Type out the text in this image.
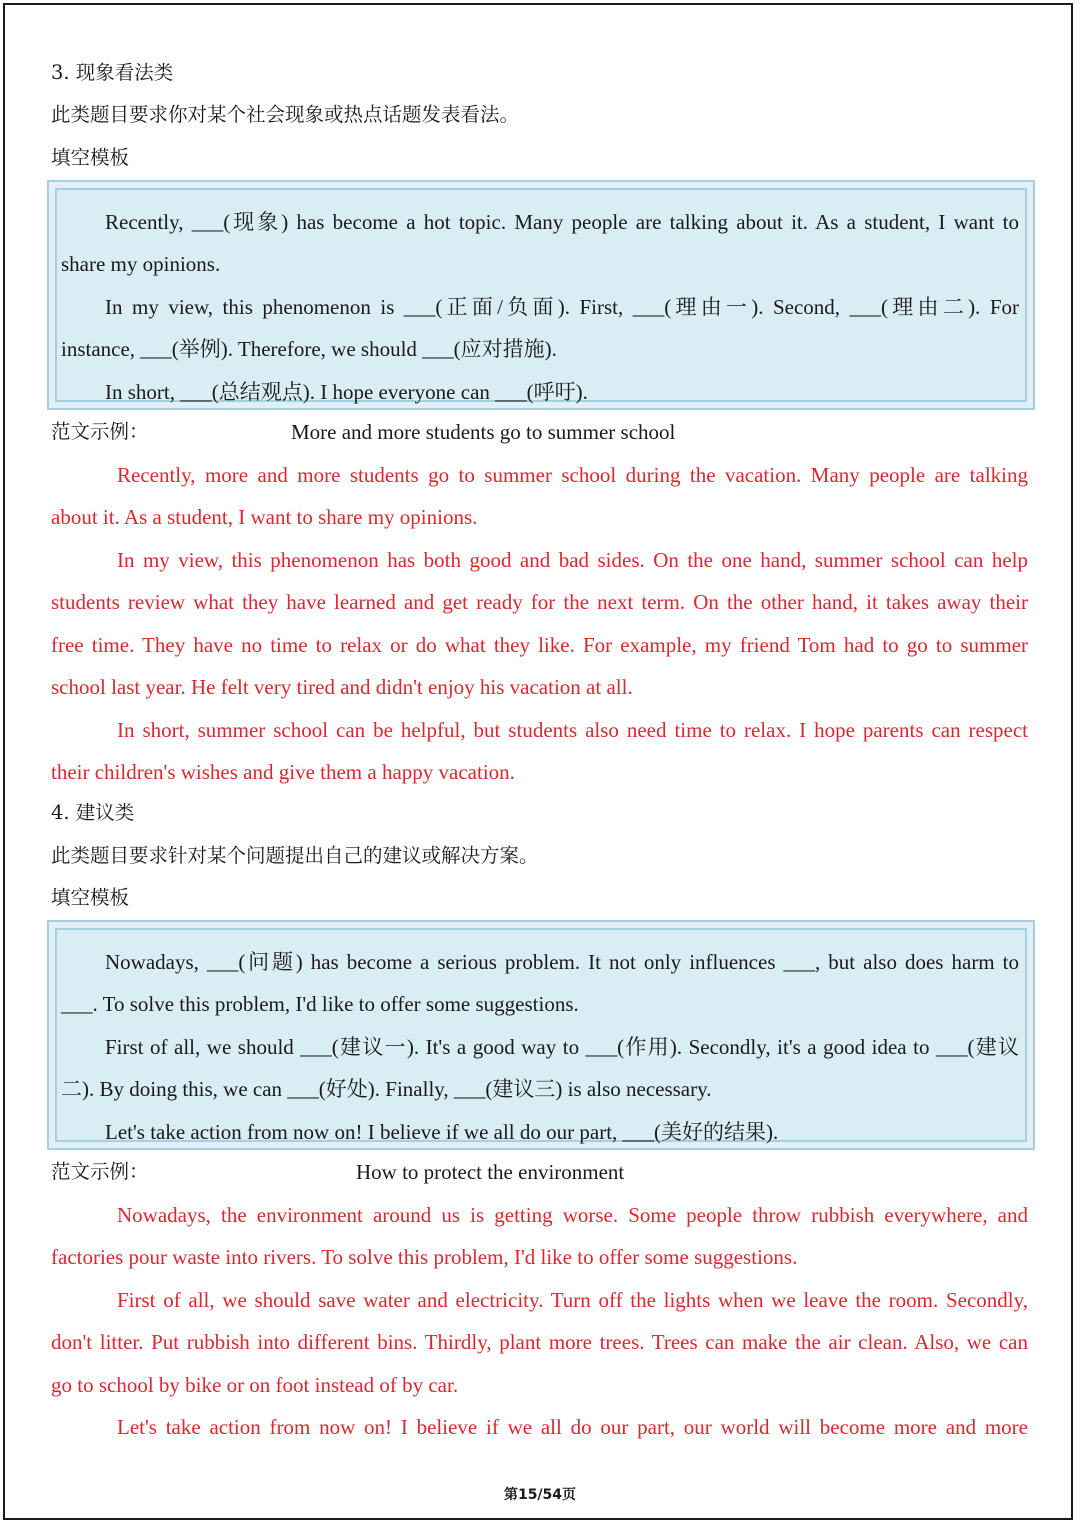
3. 现象看法类
此类题目要求你对某个社会现象或热点话题发表看法。
填空模板
Recently, ___(现象) has become a hot topic. Many people are talking about it. As a student, I want to
share my opinions.
In my view, this phenomenon is ___(正面/负面). First, ___(理由一). Second, ___(理由二). For
instance, ___(举例). Therefore, we should ___(应对措施).
In short, ___(总结观点). I hope everyone can ___(呼吁).
范文示例：	More and more students go to summer school
Recently, more and more students go to summer school during the vacation. Many people are talking
about it. As a student, I want to share my opinions.
In my view, this phenomenon has both good and bad sides. On the one hand, summer school can help
students review what they have learned and get ready for the next term. On the other hand, it takes away their
free time. They have no time to relax or do what they like. For example, my friend Tom had to go to summer
school last year. He felt very tired and didn't enjoy his vacation at all.
In short, summer school can be helpful, but students also need time to relax. I hope parents can respect
their children's wishes and give them a happy vacation.
4. 建议类
此类题目要求针对某个问题提出自己的建议或解决方案。
填空模板
Nowadays, ___(问题) has become a serious problem. It not only influences ___, but also does harm to
___. To solve this problem, I'd like to offer some suggestions.
First of all, we should ___(建议一). It's a good way to ___(作用). Secondly, it's a good idea to ___(建议
二). By doing this, we can ___(好处). Finally, ___(建议三) is also necessary.
Let's take action from now on! I believe if we all do our part, ___(美好的结果).
范文示例：	How to protect the environment
Nowadays, the environment around us is getting worse. Some people throw rubbish everywhere, and
factories pour waste into rivers. To solve this problem, I'd like to offer some suggestions.
First of all, we should save water and electricity. Turn off the lights when we leave the room. Secondly,
don't litter. Put rubbish into different bins. Thirdly, plant more trees. Trees can make the air clean. Also, we can
go to school by bike or on foot instead of by car.
Let's take action from now on! I believe if we all do our part, our world will become more and more
第15/54页
